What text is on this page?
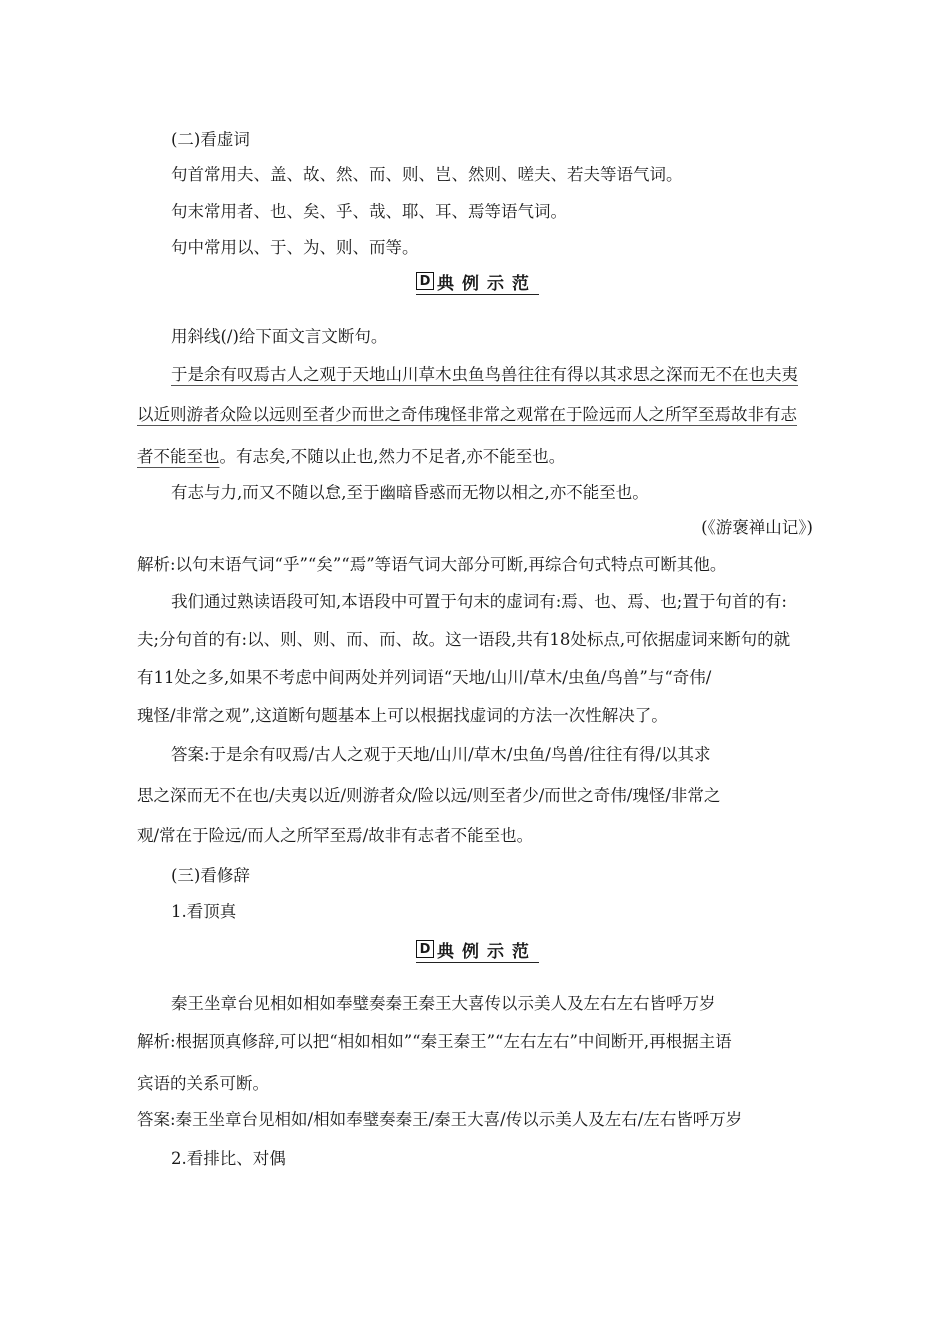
(二)看虚词
句首常用夫、盖、故、然、而、则、岂、然则、嗟夫、若夫等语气词。
句末常用者、也、矣、乎、哉、耶、耳、焉等语气词。
句中常用以、于、为、则、而等。
D 典例示范
用斜线(/)给下面文言文断句。
于是余有叹焉古人之观于天地山川草木虫鱼鸟兽往往有得以其求思之深而无不在也夫夷
以近则游者众险以远则至者少而世之奇伟瑰怪非常之观常在于险远而人之所罕至焉故非有志
者不能至也。有志矣,不随以止也,然力不足者,亦不能至也。
有志与力,而又不随以怠,至于幽暗昏惑而无物以相之,亦不能至也。
(《游褒禅山记》)
解析:以句末语气词“乎”“矣”“焉”等语气词大部分可断,再综合句式特点可断其他。
我们通过熟读语段可知,本语段中可置于句末的虚词有:焉、也、焉、也;置于句首的有:
夫;分句首的有:以、则、则、而、而、故。这一语段,共有18处标点,可依据虚词来断句的就
有11处之多,如果不考虑中间两处并列词语“天地/山川/草木/虫鱼/鸟兽”与“奇伟/
瑰怪/非常之观”,这道断句题基本上可以根据找虚词的方法一次性解决了。
答案:于是余有叹焉/古人之观于天地/山川/草木/虫鱼/鸟兽/往往有得/以其求
思之深而无不在也/夫夷以近/则游者众/险以远/则至者少/而世之奇伟/瑰怪/非常之
观/常在于险远/而人之所罕至焉/故非有志者不能至也。
(三)看修辞
1.看顶真
D 典例示范
秦王坐章台见相如相如奉璧奏秦王秦王大喜传以示美人及左右左右皆呼万岁
解析:根据顶真修辞,可以把“相如相如”“秦王秦王”“左右左右”中间断开,再根据主语
宾语的关系可断。
答案:秦王坐章台见相如/相如奉璧奏秦王/秦王大喜/传以示美人及左右/左右皆呼万岁
2.看排比、对偶
